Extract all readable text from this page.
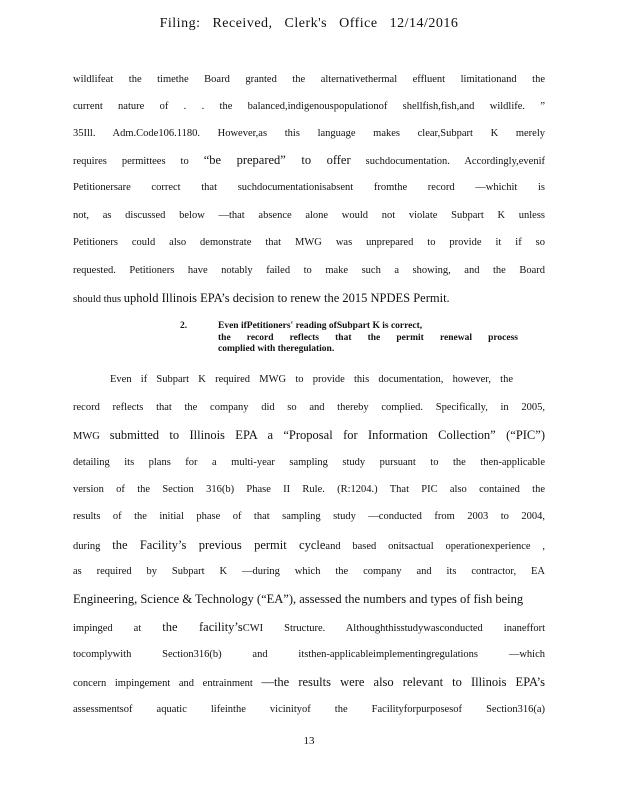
Filing: Received, Clerk's Office 12/14/2016
wildlifeat the timethe Board granted the alternativethermal effluent limitationand the
current nature of . . the balanced,indigenouspopulationof shellfish,fish,and wildlife. ”
35Ill. Adm.Code106.1180. However,as this language makes clear,Subpart K merely
requires permittees to “be prepared” to offer suchdocumentation. Accordingly,evenif
Petitionersare correct that suchdocumentationisabsent fromthe record —whichit is
not, as discussed below —that absence alone would not violate Subpart K unless
Petitioners could also demonstrate that MWG was unprepared to provide it if so
requested. Petitioners have notably failed to make such a showing, and the Board
should thus uphold Illinois EPA’s decision to renew the 2015 NPDES Permit.
2.	Even ifPetitioners' reading ofSubpart K is correct,
the record reflects that the permit renewal process
complied with theregulation.
Even if Subpart K required MWG to provide this documentation, however, the
record reflects that the company did so and thereby complied. Specifically, in 2005,
MWG submitted to Illinois EPA a “Proposal for Information Collection” (“PIC”)
detailing its plans for a multi-year sampling study pursuant to the then-applicable
version of the Section 316(b) Phase II Rule. (R:1204.) That PIC also contained the
results of the initial phase of that sampling study —conducted from 2003 to 2004,
during the Facility’s previous permit cycleand based onitsactual operationexperience ,
as required by Subpart K —during which the company and its contractor, EA
Engineering, Science & Technology (“EA”), assessed the numbers and types of fish being
impinged at the facility’sCWI Structure. Althoughthisstudywasconducted inaneffort
tocomplywith Section316(b) and itsthen-applicableimplementingregulations —which
concern impingement and entrainment —the results were also relevant to Illinois EPA’s
assessmentsof aquatic lifeinthe vicinityof the Facilityforpurposesof Section316(a)
13
